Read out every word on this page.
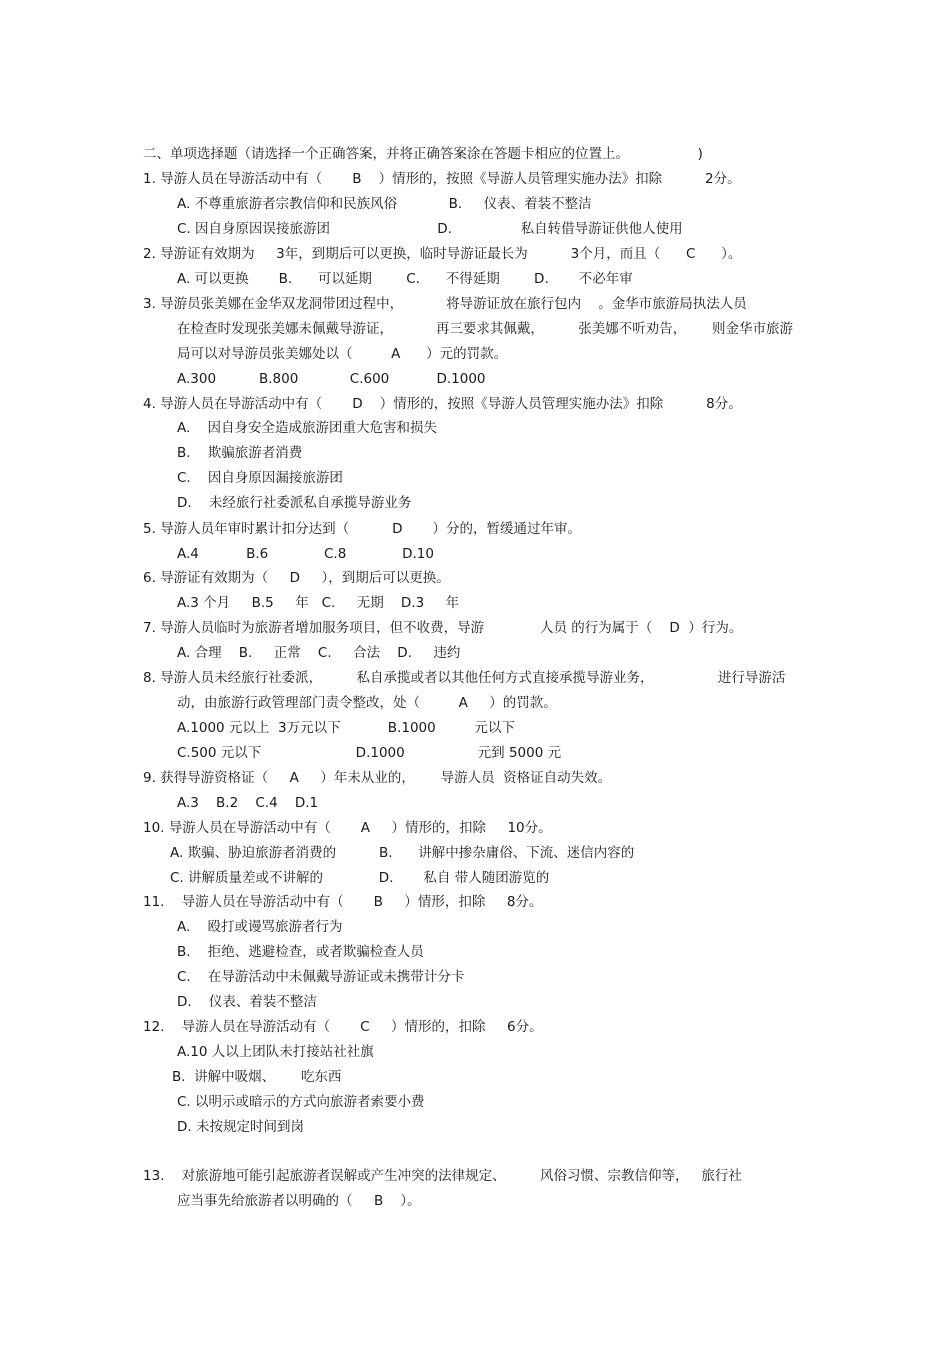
二、单项选择题（请选择一个正确答案，并将正确答案涂在答题卡相应的位置上。                )
1. 导游人员在导游活动中有（       B    ）情形的，按照《导游人员管理实施办法》扣除          2分。
A. 不尊重旅游者宗教信仰和民族风俗            B.     仪表、着装不整洁
C. 因自身原因误接旅游团                         D.                私自转借导游证供他人使用
2. 导游证有效期为     3年，到期后可以更换，临时导游证最长为          3个月，而且（      C      ）。
A. 可以更换       B.      可以延期        C.      不得延期        D.       不必年审
3. 导游员张美娜在金华双龙洞带团过程中，          将导游证放在旅行包内    。金华市旅游局执法人员
在检查时发现张美娜未佩戴导游证，          再三要求其佩戴，        张美娜不听劝告，      则金华市旅游
局可以对导游员张美娜处以（         A      ）元的罚款。
A.300          B.800            C.600           D.1000
4. 导游人员在导游活动中有（       D    ）情形的，按照《导游人员管理实施办法》扣除          8分。
A.    因自身安全造成旅游团重大危害和损失
B.    欺骗旅游者消费
C.    因自身原因漏接旅游团
D.    未经旅行社委派私自承揽导游业务
5. 导游人员年审时累计扣分达到（          D       ）分的，暂缓通过年审。
A.4           B.6             C.8             D.10
6. 导游证有效期为（     D     ），到期后可以更换。
A.3 个月     B.5     年   C.     无期    D.3     年
7. 导游人员临时为旅游者增加服务项目，但不收费，导游             人员 的行为属于（    D  ）行为。
A. 合理    B.     正常    C.     合法    D.     违约
8. 导游人员未经旅行社委派，        私自承揽或者以其他任何方式直接承揽导游业务，               进行导游活
动，由旅游行政管理部门责令整改，处（         A     ）的罚款。
A.1000 元以上  3万元以下           B.1000         元以下
C.500 元以下                      D.1000                 元到 5000 元
9. 获得导游资格证（     A     ）年未从业的，      导游人员  资格证自动失效。
A.3    B.2    C.4    D.1
10. 导游人员在导游活动中有（       A     ）情形的，扣除     10分。
A. 欺骗、胁迫旅游者消费的          B.      讲解中掺杂庸俗、下流、迷信内容的
C. 讲解质量差或不讲解的             D.       私自 带人随团游览的
11.    导游人员在导游活动中有（       B     ）情形，扣除     8分。
A.    殴打或谩骂旅游者行为
B.    拒绝、逃避检查，或者欺骗检查人员
C.    在导游活动中未佩戴导游证或未携带计分卡
D.    仪表、着装不整洁
12.    导游人员在导游活动有（       C     ）情形的，扣除     6分。
A.10 人以上团队未打接站社社旗
B.  讲解中吸烟、      吃东西
C. 以明示或暗示的方式向旅游者索要小费
D. 未按规定时间到岗
13.    对旅游地可能引起旅游者误解或产生冲突的法律规定、        风俗习惯、宗教信仰等，   旅行社
应当事先给旅游者以明确的（     B    ）。
